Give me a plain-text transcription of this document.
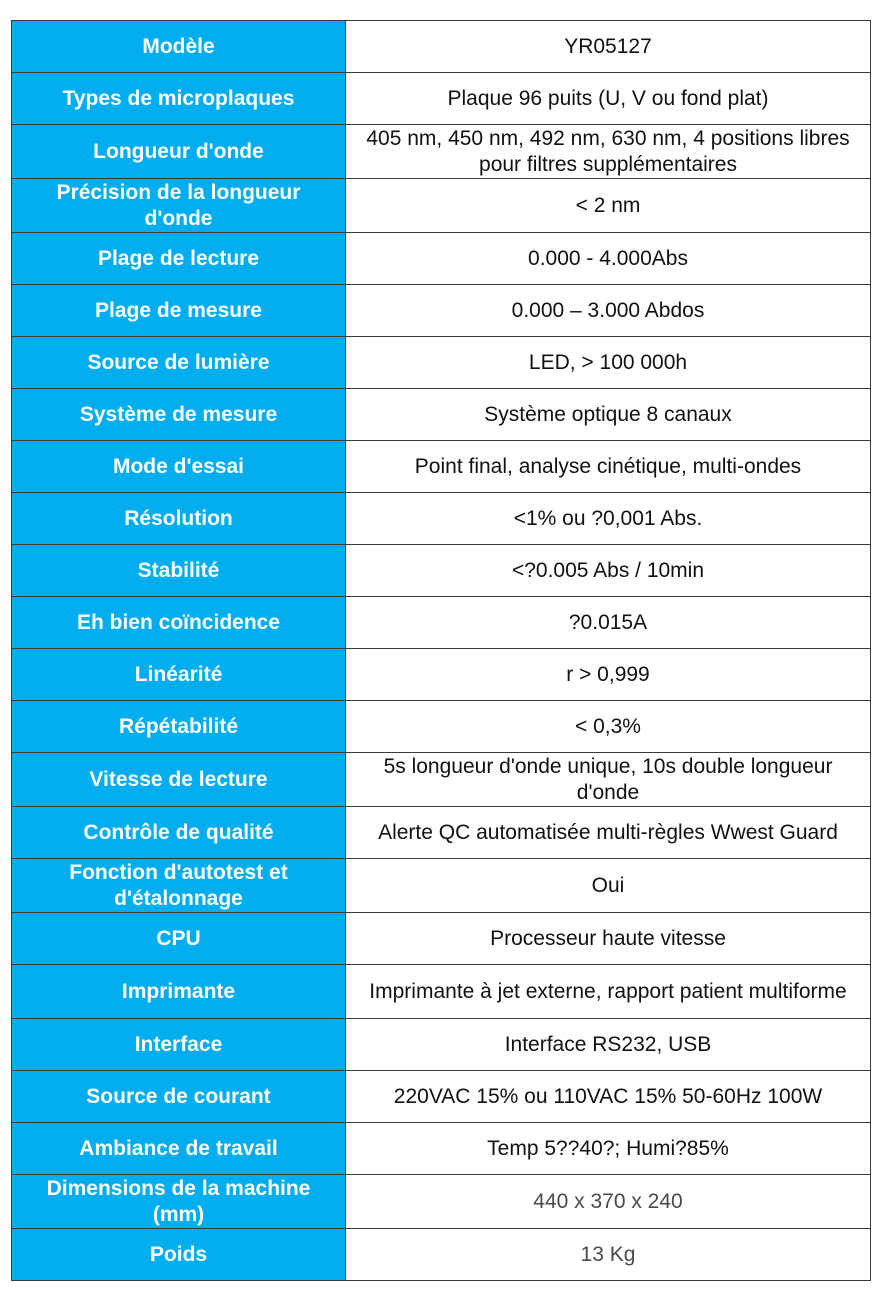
Modèle	YR05127
Types de microplaques	Plaque 96 puits (U, V ou fond plat)
Longueur d'onde	405 nm, 450 nm, 492 nm, 630 nm, 4 positions libres pour filtres supplémentaires
Précision de la longueur d'onde	< 2 nm
Plage de lecture	0.000 - 4.000Abs
Plage de mesure	0.000 – 3.000 Abdos
Source de lumière	LED, > 100 000h
Système de mesure	Système optique 8 canaux
Mode d'essai	Point final, analyse cinétique, multi-ondes
Résolution	<1% ou ?0,001 Abs.
Stabilité	<?0.005 Abs / 10min
Eh bien coïncidence	?0.015A
Linéarité	r > 0,999
Répétabilité	< 0,3%
Vitesse de lecture	5s longueur d'onde unique, 10s double longueur d'onde
Contrôle de qualité	Alerte QC automatisée multi-règles Wwest Guard
Fonction d'autotest et d'étalonnage	Oui
CPU	Processeur haute vitesse
Imprimante	Imprimante à jet externe, rapport patient multiforme
Interface	Interface RS232, USB
Source de courant	220VAC 15% ou 110VAC 15% 50-60Hz 100W
Ambiance de travail	Temp 5??40?; Humi?85%
Dimensions de la machine (mm)	440 x 370 x 240
Poids	13 Kg
